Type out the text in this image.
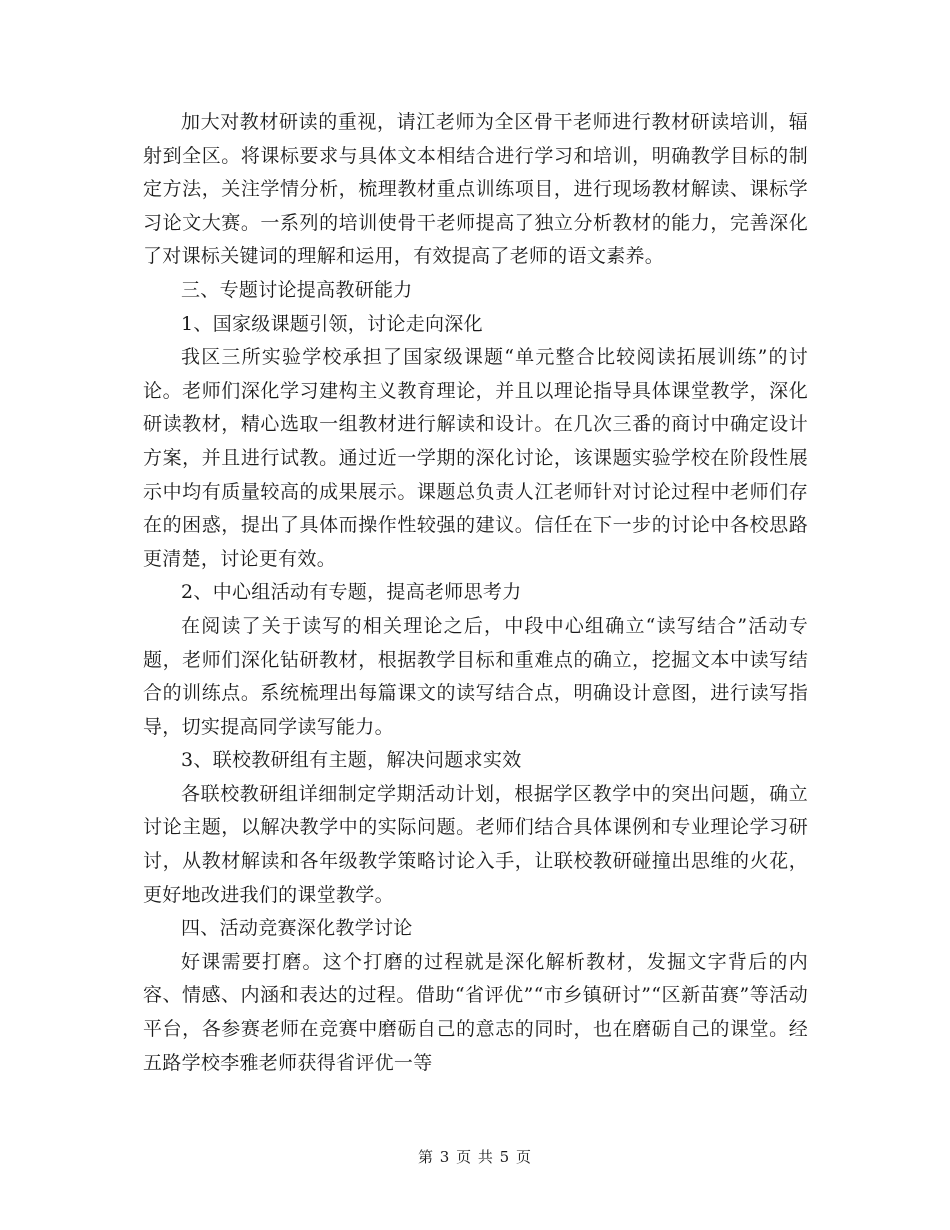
加大对教材研读的重视，请江老师为全区骨干老师进行教材研读培训，辐射到全区。将课标要求与具体文本相结合进行学习和培训，明确教学目标的制定方法，关注学情分析，梳理教材重点训练项目，进行现场教材解读、课标学习论文大赛。一系列的培训使骨干老师提高了独立分析教材的能力，完善深化了对课标关键词的理解和运用，有效提高了老师的语文素养。

三、专题讨论提高教研能力

1、国家级课题引领，讨论走向深化

我区三所实验学校承担了国家级课题“单元整合比较阅读拓展训练”的讨论。老师们深化学习建构主义教育理论，并且以理论指导具体课堂教学，深化研读教材，精心选取一组教材进行解读和设计。在几次三番的商讨中确定设计方案，并且进行试教。通过近一学期的深化讨论，该课题实验学校在阶段性展示中均有质量较高的成果展示。课题总负责人江老师针对讨论过程中老师们存在的困惑，提出了具体而操作性较强的建议。信任在下一步的讨论中各校思路更清楚，讨论更有效。

2、中心组活动有专题，提高老师思考力

在阅读了关于读写的相关理论之后，中段中心组确立“读写结合”活动专题，老师们深化钻研教材，根据教学目标和重难点的确立，挖掘文本中读写结合的训练点。系统梳理出每篇课文的读写结合点，明确设计意图，进行读写指导，切实提高同学读写能力。

3、联校教研组有主题，解决问题求实效

各联校教研组详细制定学期活动计划，根据学区教学中的突出问题，确立讨论主题，以解决教学中的实际问题。老师们结合具体课例和专业理论学习研讨，从教材解读和各年级教学策略讨论入手，让联校教研碰撞出思维的火花，更好地改进我们的课堂教学。

四、活动竞赛深化教学讨论

好课需要打磨。这个打磨的过程就是深化解析教材，发掘文字背后的内容、情感、内涵和表达的过程。借助“省评优”“市乡镇研讨”“区新苗赛”等活动平台，各参赛老师在竞赛中磨砺自己的意志的同时，也在磨砺自己的课堂。经五路学校李雅老师获得省评优一等

第 3 页 共 5 页
